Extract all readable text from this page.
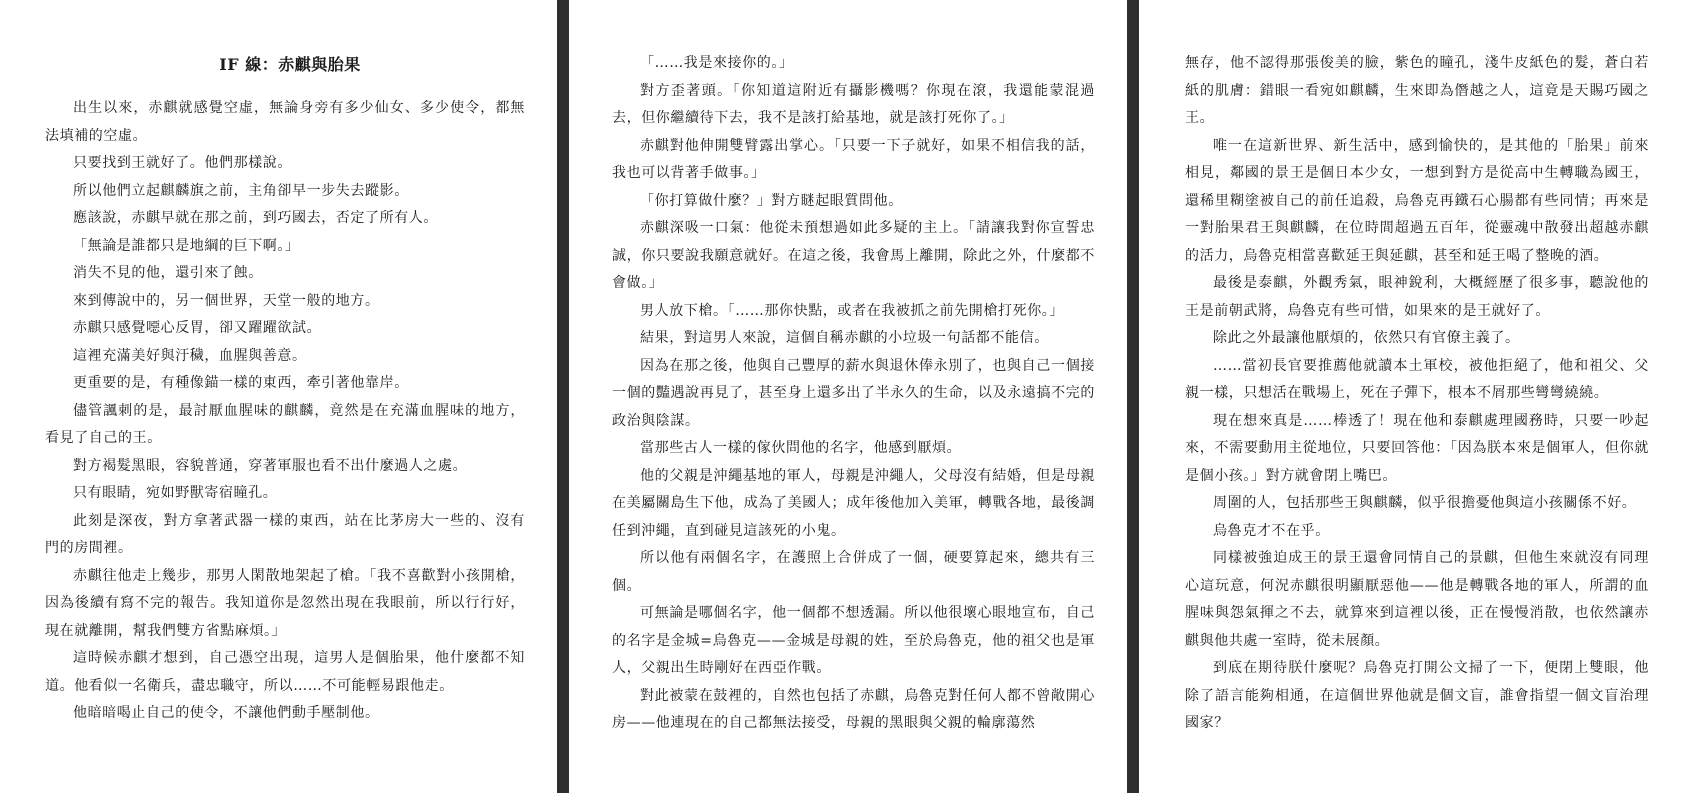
IF 線：赤麒與胎果

出生以來，赤麒就感覺空虛，無論身旁有多少仙女、多少使令，都無法填補的空虛。

只要找到王就好了。他們那樣說。

所以他們立起麒麟旗之前，主角卻早一步失去蹤影。

應該說，赤麒早就在那之前，到巧國去，否定了所有人。

「無論是誰都只是地綱的巨下啊。」

消失不見的他，還引來了蝕。

來到傳說中的，另一個世界，天堂一般的地方。

赤麒只感覺噁心反胃，卻又躍躍欲試。

這裡充滿美好與汙穢，血腥與善意。

更重要的是，有種像錨一樣的東西，牽引著他靠岸。

儘管諷刺的是，最討厭血腥味的麒麟，竟然是在充滿血腥味的地方，看見了自己的王。

對方褐髮黑眼，容貌普通，穿著軍服也看不出什麼過人之處。

只有眼睛，宛如野獸寄宿瞳孔。

此刻是深夜，對方拿著武器一樣的東西，站在比茅房大一些的、沒有門的房間裡。

赤麒往他走上幾步，那男人閑散地架起了槍。「我不喜歡對小孩開槍，因為後續有寫不完的報告。我知道你是忽然出現在我眼前，所以行行好，現在就離開，幫我們雙方省點麻煩。」

這時候赤麒才想到，自己憑空出現，這男人是個胎果，他什麼都不知道。他看似一名衛兵，盡忠職守，所以……不可能輕易跟他走。

他暗暗喝止自己的使令，不讓他們動手壓制他。

「……我是來接你的。」

對方歪著頭。「你知道這附近有攝影機嗎？你現在滾，我還能蒙混過去，但你繼續待下去，我不是該打給基地，就是該打死你了。」

赤麒對他伸開雙臂露出掌心。「只要一下子就好，如果不相信我的話，我也可以背著手做事。」

「你打算做什麼？」對方瞇起眼質問他。

赤麒深吸一口氣：他從未預想過如此多疑的主上。「請讓我對你宣誓忠誠，你只要說我願意就好。在這之後，我會馬上離開，除此之外，什麼都不會做。」

男人放下槍。「……那你快點，或者在我被抓之前先開槍打死你。」

結果，對這男人來說，這個自稱赤麒的小垃圾一句話都不能信。

因為在那之後，他與自己豐厚的薪水與退休俸永別了，也與自己一個接一個的豔遇說再見了，甚至身上還多出了半永久的生命，以及永遠搞不完的政治與陰謀。

當那些古人一樣的傢伙問他的名字，他感到厭煩。

他的父親是沖繩基地的軍人，母親是沖繩人，父母沒有結婚，但是母親在美屬關島生下他，成為了美國人；成年後他加入美軍，轉戰各地，最後調任到沖繩，直到碰見這該死的小鬼。

所以他有兩個名字，在護照上合併成了一個，硬要算起來，總共有三個。

可無論是哪個名字，他一個都不想透漏。所以他很壞心眼地宣布，自己的名字是金城=烏魯克——金城是母親的姓，至於烏魯克，他的祖父也是軍人，父親出生時剛好在西亞作戰。

對此被蒙在鼓裡的，自然也包括了赤麒，烏魯克對任何人都不曾敞開心房——他連現在的自己都無法接受，母親的黑眼與父親的輪廓蕩然

無存，他不認得那張俊美的臉，紫色的瞳孔，淺牛皮紙色的髮，蒼白若紙的肌膚：錯眼一看宛如麒麟，生來即為僭越之人，這竟是天賜巧國之王。

唯一在這新世界、新生活中，感到愉快的，是其他的「胎果」前來相見，鄰國的景王是個日本少女，一想到對方是從高中生轉職為國王，還稀里糊塗被自己的前任追殺，烏魯克再鐵石心腸都有些同情；再來是一對胎果君王與麒麟，在位時間超過五百年，從靈魂中散發出超越赤麒的活力，烏魯克相當喜歡延王與延麒，甚至和延王喝了整晚的酒。

最後是泰麒，外觀秀氣，眼神銳利，大概經歷了很多事，聽說他的王是前朝武將，烏魯克有些可惜，如果來的是王就好了。

除此之外最讓他厭煩的，依然只有官僚主義了。

……當初長官要推薦他就讀本土軍校，被他拒絕了，他和祖父、父親一樣，只想活在戰場上，死在子彈下，根本不屑那些彎彎繞繞。

現在想來真是……棒透了！現在他和泰麒處理國務時，只要一吵起來，不需要動用主從地位，只要回答他：「因為朕本來是個軍人，但你就是個小孩。」對方就會閉上嘴巴。

周圍的人，包括那些王與麒麟，似乎很擔憂他與這小孩關係不好。

烏魯克才不在乎。

同樣被強迫成王的景王還會同情自己的景麒，但他生來就沒有同理心這玩意，何況赤麒很明顯厭惡他——他是轉戰各地的軍人，所謂的血腥味與怨氣揮之不去，就算來到這裡以後，正在慢慢消散，也依然讓赤麒與他共處一室時，從未展顏。

到底在期待朕什麼呢？烏魯克打開公文掃了一下，便閉上雙眼，他除了語言能夠相通，在這個世界他就是個文盲，誰會指望一個文盲治理國家？
